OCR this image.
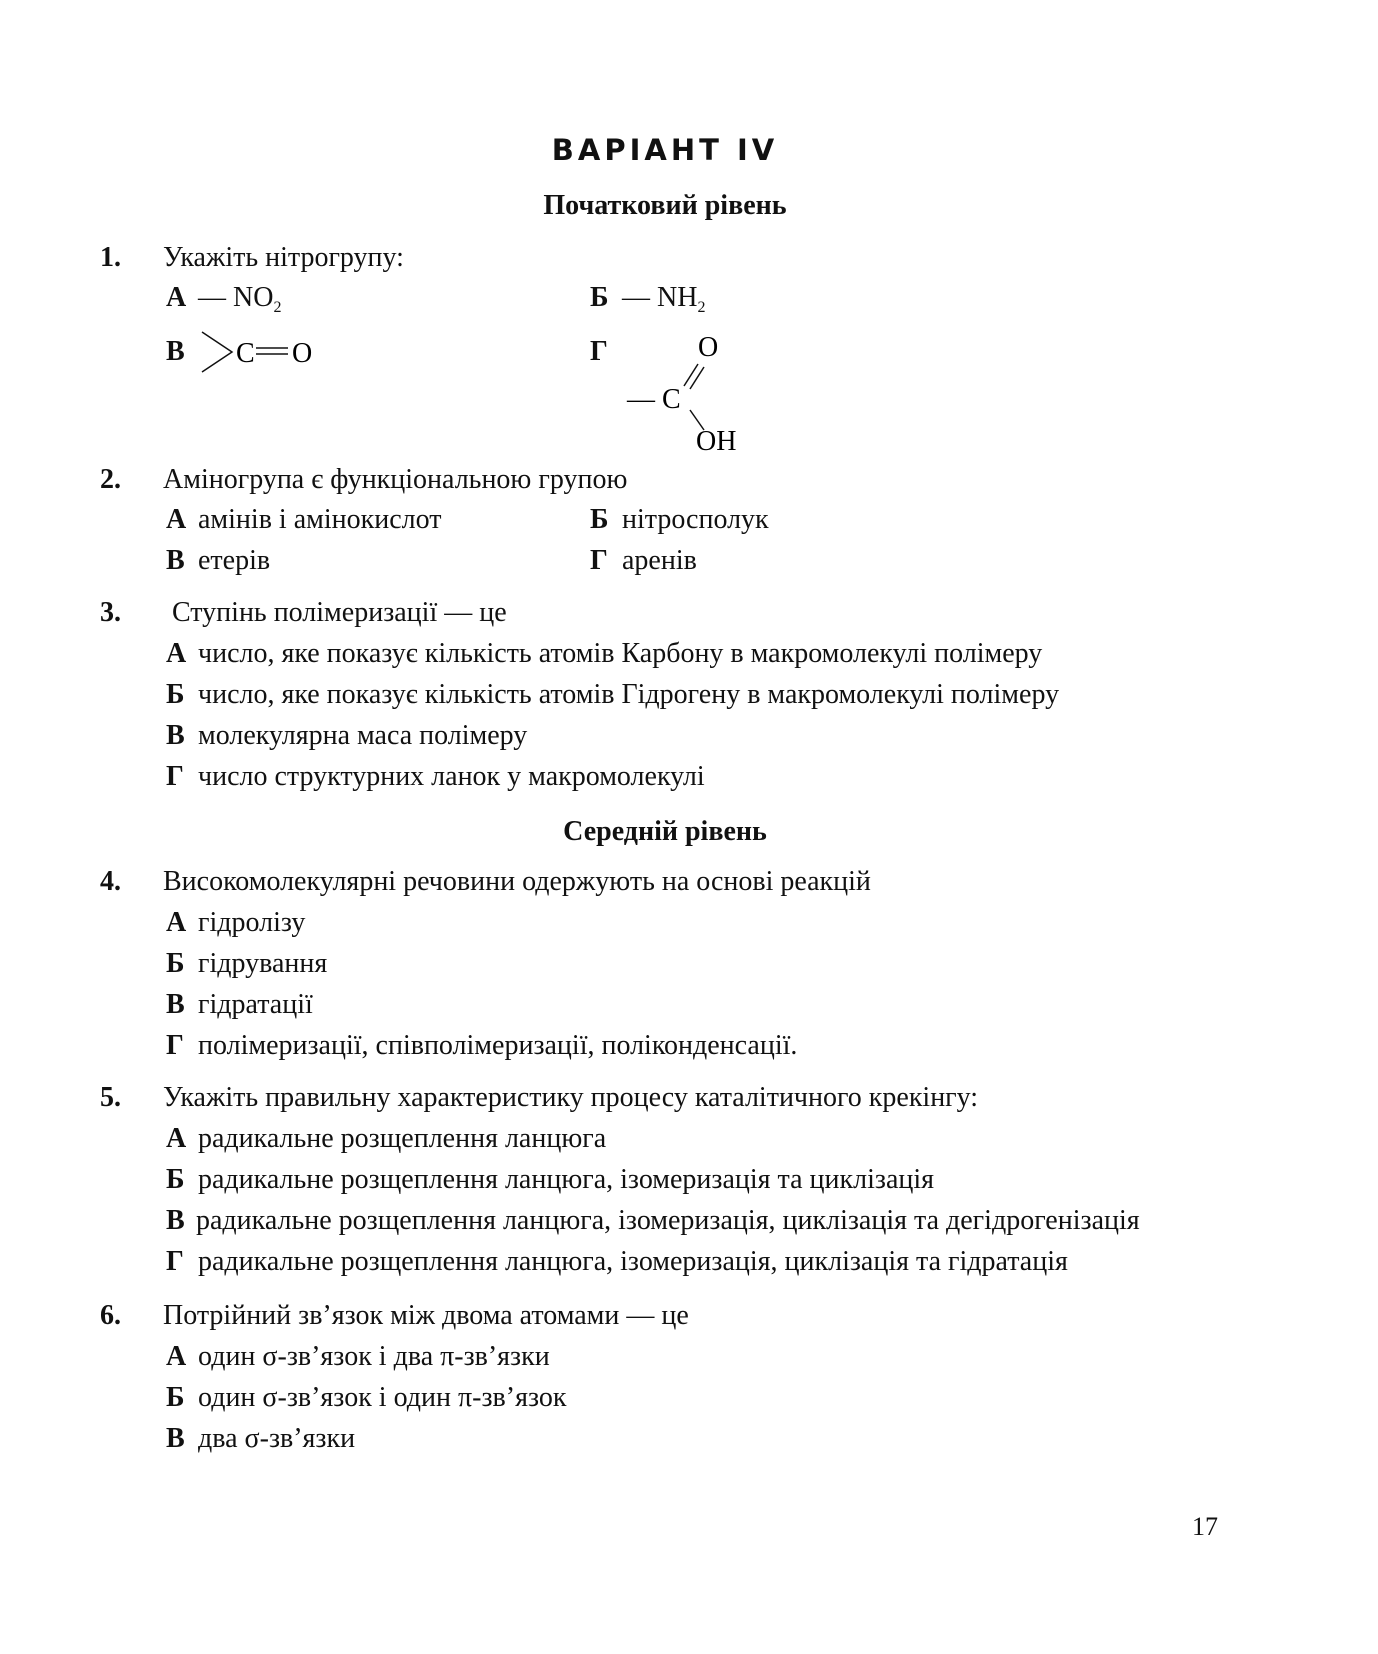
ВАРІАНТ IV
Початковий рівень
1. Укажіть нітрогрупу:
А — $NO_2$	Б — $NH_2$
В	C O	Г	O
— C
OH
2. Аміногрупа є функціональною групою
А амінів і амінокислот	Б нітросполук
В етерів	Г аренів
3. Ступінь полімеризації — це
А число, яке показує кількість атомів Карбону в макромолекулі полімеру
Б число, яке показує кількість атомів Гідрогену в макромолекулі полімеру
В молекулярна маса полімеру
Г число структурних ланок у макромолекулі
Середній рівень
4. Високомолекулярні речовини одержують на основі реакцій
А гідролізу
Б гідрування
В гідратації
Г полімеризації, співполімеризації, поліконденсації.
5. Укажіть правильну характеристику процесу каталітичного крекінгу:
А радикальне розщеплення ланцюга
Б радикальне розщеплення ланцюга, ізомеризація та циклізація
В радикальне розщеплення ланцюга, ізомеризація, циклізація та дегідрогенізація
Г радикальне розщеплення ланцюга, ізомеризація, циклізація та гідратація
6. Потрійний зв’язок між двома атомами — це
А один σ-зв’язок і два π-зв’язки
Б один σ-зв’язок і один π-зв’язок
В два σ-зв’язки
17
